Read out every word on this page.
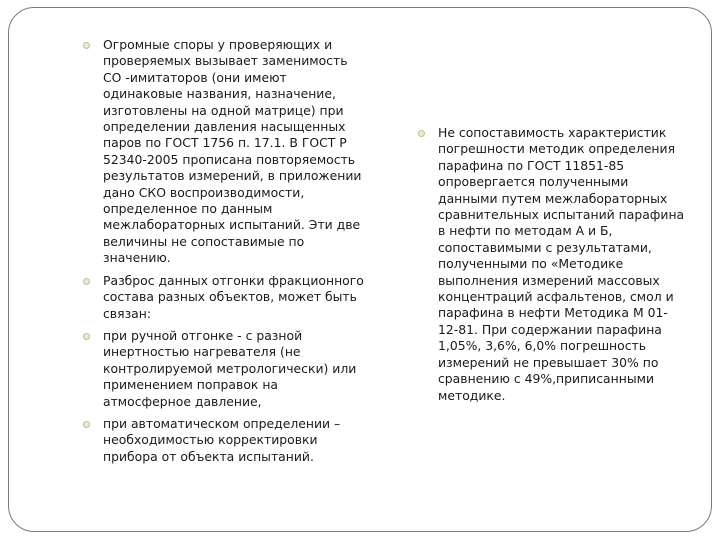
Огромные споры у проверяющих и проверяемых вызывает заменимость СО -имитаторов (они имеют одинаковые названия, назначение, изготовлены на одной матрице) при определении давления насыщенных паров по ГОСТ 1756 п. 17.1. В ГОСТ Р 52340-2005 прописана повторяемость результатов измерений, в приложении дано СКО воспроизводимости, определенное по данным межлабораторных испытаний. Эти две величины не сопоставимые по значению.
Разброс данных отгонки фракционного состава разных объектов, может быть связан:
при ручной отгонке - с разной инертностью нагревателя (не контролируемой метрологически) или применением поправок на атмосферное давление,
при автоматическом определении – необходимостью корректировки прибора от объекта испытаний.
Не сопоставимость характеристик погрешности методик определения парафина по ГОСТ 11851-85 опровергается полученными данными путем межлабораторных сравнительных испытаний парафина в нефти по методам А и Б, сопоставимыми с результатами, полученными по «Методике выполнения измерений массовых концентраций асфальтенов, смол и парафина в нефти Методика М 01-12-81. При содержании парафина 1,05%, 3,6%, 6,0% погрешность измерений не превышает 30% по сравнению с 49%,приписанными методике.
